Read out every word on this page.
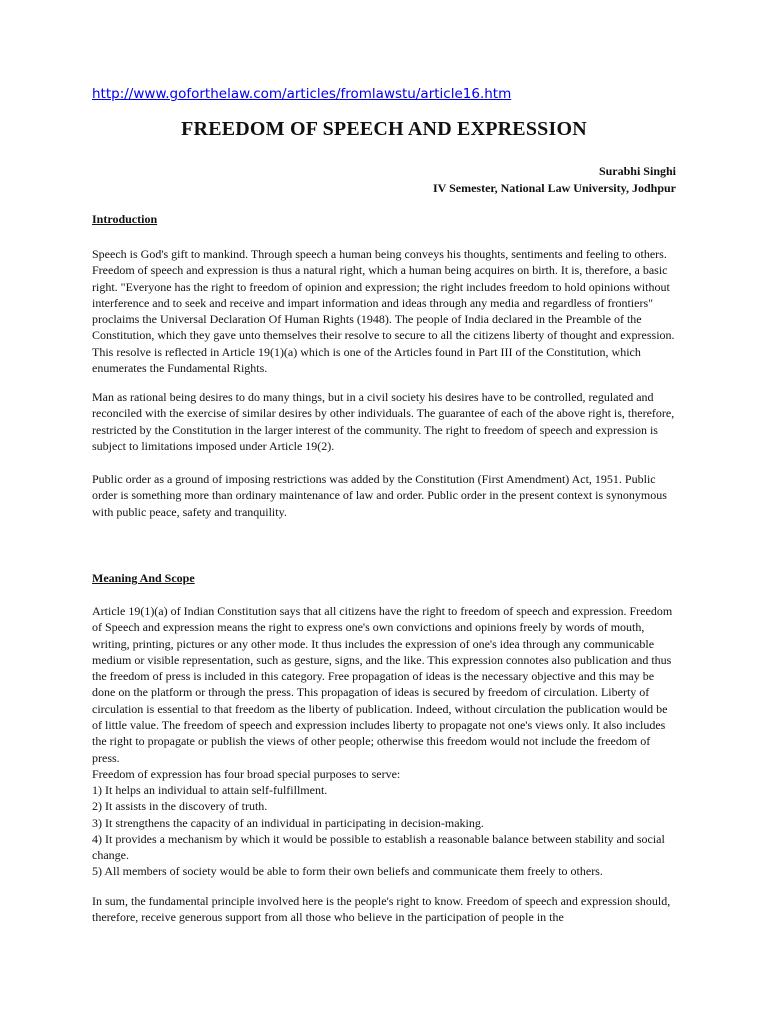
http://www.goforthelaw.com/articles/fromlawstu/article16.htm
FREEDOM OF SPEECH AND EXPRESSION
Surabhi Singhi
IV Semester, National Law University, Jodhpur
Introduction

Speech is God's gift to mankind. Through speech a human being conveys his thoughts, sentiments and feeling to others. Freedom of speech and expression is thus a natural right, which a human being acquires on birth. It is, therefore, a basic right. "Everyone has the right to freedom of opinion and expression; the right includes freedom to hold opinions without interference and to seek and receive and impart information and ideas through any media and regardless of frontiers" proclaims the Universal Declaration Of Human Rights (1948). The people of India declared in the Preamble of the Constitution, which they gave unto themselves their resolve to secure to all the citizens liberty of thought and expression. This resolve is reflected in Article 19(1)(a) which is one of the Articles found in Part III of the Constitution, which enumerates the Fundamental Rights.

Man as rational being desires to do many things, but in a civil society his desires have to be controlled, regulated and reconciled with the exercise of similar desires by other individuals. The guarantee of each of the above right is, therefore, restricted by the Constitution in the larger interest of the community. The right to freedom of speech and expression is subject to limitations imposed under Article 19(2).

Public order as a ground of imposing restrictions was added by the Constitution (First Amendment) Act, 1951. Public order is something more than ordinary maintenance of law and order. Public order in the present context is synonymous with public peace, safety and tranquility.

Meaning And Scope

Article 19(1)(a) of Indian Constitution says that all citizens have the right to freedom of speech and expression. Freedom of Speech and expression means the right to express one's own convictions and opinions freely by words of mouth, writing, printing, pictures or any other mode. It thus includes the expression of one's idea through any communicable medium or visible representation, such as gesture, signs, and the like. This expression connotes also publication and thus the freedom of press is included in this category. Free propagation of ideas is the necessary objective and this may be done on the platform or through the press. This propagation of ideas is secured by freedom of circulation. Liberty of circulation is essential to that freedom as the liberty of publication. Indeed, without circulation the publication would be of little value. The freedom of speech and expression includes liberty to propagate not one's views only. It also includes the right to propagate or publish the views of other people; otherwise this freedom would not include the freedom of press.

Freedom of expression has four broad special purposes to serve:

1) It helps an individual to attain self-fulfillment.
2) It assists in the discovery of truth.
3) It strengthens the capacity of an individual in participating in decision-making.
4) It provides a mechanism by which it would be possible to establish a reasonable balance between stability and social change.
5) All members of society would be able to form their own beliefs and communicate them freely to others.

In sum, the fundamental principle involved here is the people's right to know. Freedom of speech and expression should, therefore, receive generous support from all those who believe in the participation of people in the
